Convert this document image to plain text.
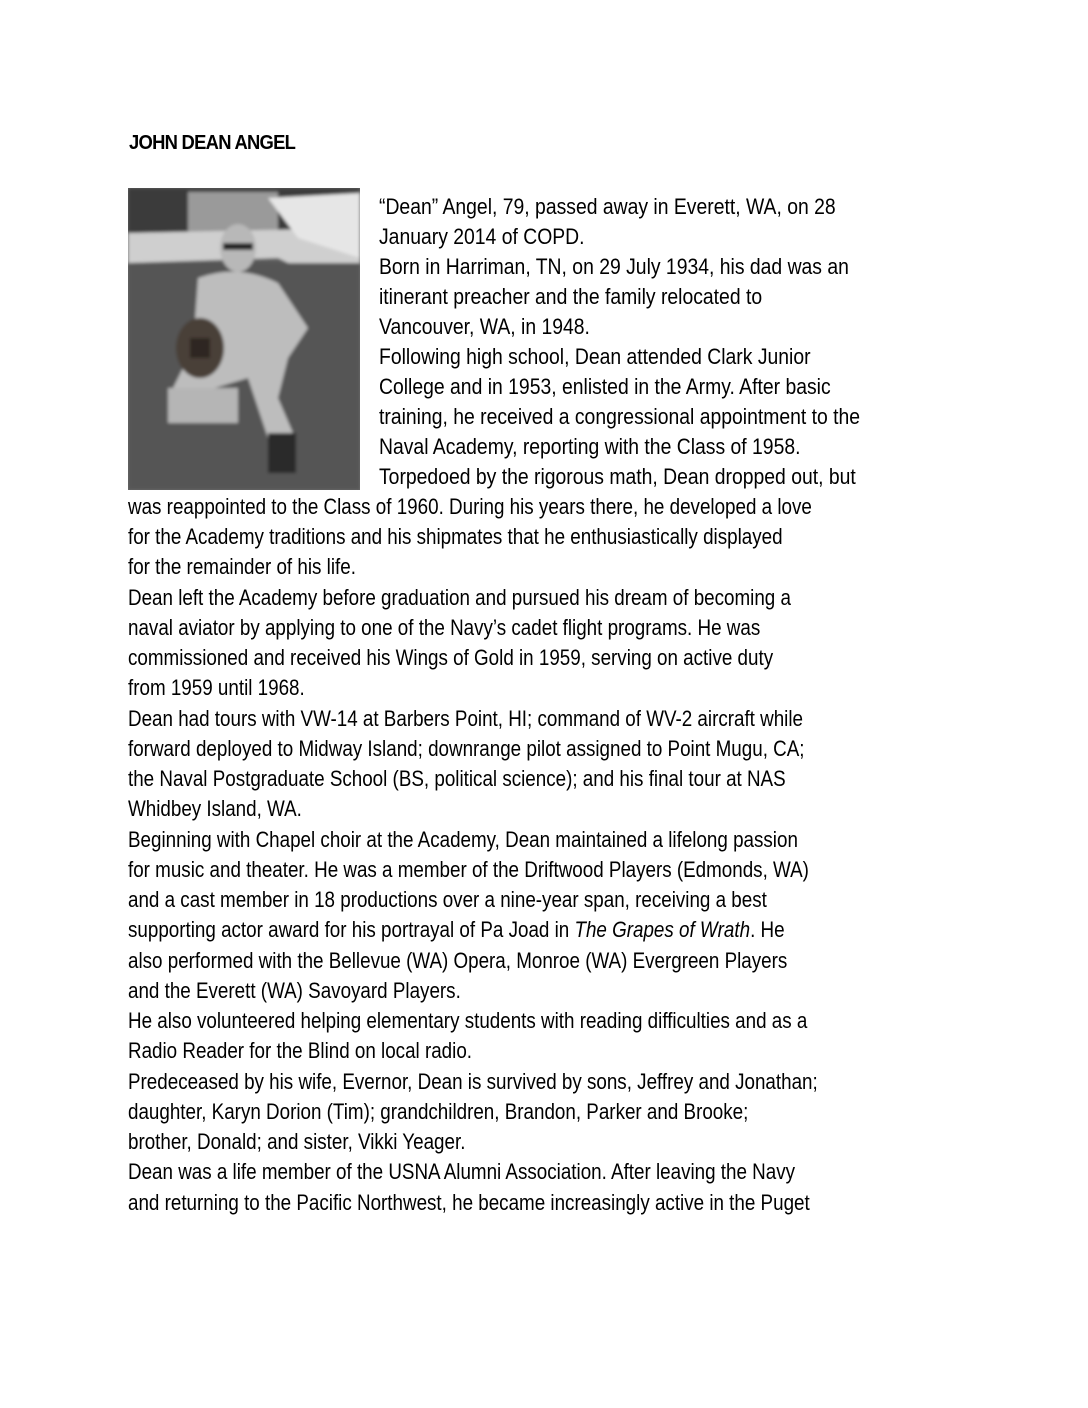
JOHN DEAN ANGEL
“Dean” Angel, 79, passed away in Everett, WA, on 28
January 2014 of COPD.
Born in Harriman, TN, on 29 July 1934, his dad was an
itinerant preacher and the family relocated to
Vancouver, WA, in 1948.
Following high school, Dean attended Clark Junior
College and in 1953, enlisted in the Army. After basic
training, he received a congressional appointment to the
Naval Academy, reporting with the Class of 1958.
Torpedoed by the rigorous math, Dean dropped out, but
was reappointed to the Class of 1960. During his years there, he developed a love
for the Academy traditions and his shipmates that he enthusiastically displayed
for the remainder of his life.
Dean left the Academy before graduation and pursued his dream of becoming a
naval aviator by applying to one of the Navy’s cadet flight programs. He was
commissioned and received his Wings of Gold in 1959, serving on active duty
from 1959 until 1968.
Dean had tours with VW-14 at Barbers Point, HI; command of WV-2 aircraft while
forward deployed to Midway Island; downrange pilot assigned to Point Mugu, CA;
the Naval Postgraduate School (BS, political science); and his final tour at NAS
Whidbey Island, WA.
Beginning with Chapel choir at the Academy, Dean maintained a lifelong passion
for music and theater. He was a member of the Driftwood Players (Edmonds, WA)
and a cast member in 18 productions over a nine-year span, receiving a best
supporting actor award for his portrayal of Pa Joad in The Grapes of Wrath. He
also performed with the Bellevue (WA) Opera, Monroe (WA) Evergreen Players
and the Everett (WA) Savoyard Players.
He also volunteered helping elementary students with reading difficulties and as a
Radio Reader for the Blind on local radio.
Predeceased by his wife, Evernor, Dean is survived by sons, Jeffrey and Jonathan;
daughter, Karyn Dorion (Tim); grandchildren, Brandon, Parker and Brooke;
brother, Donald; and sister, Vikki Yeager.
Dean was a life member of the USNA Alumni Association. After leaving the Navy
and returning to the Pacific Northwest, he became increasingly active in the Puget
